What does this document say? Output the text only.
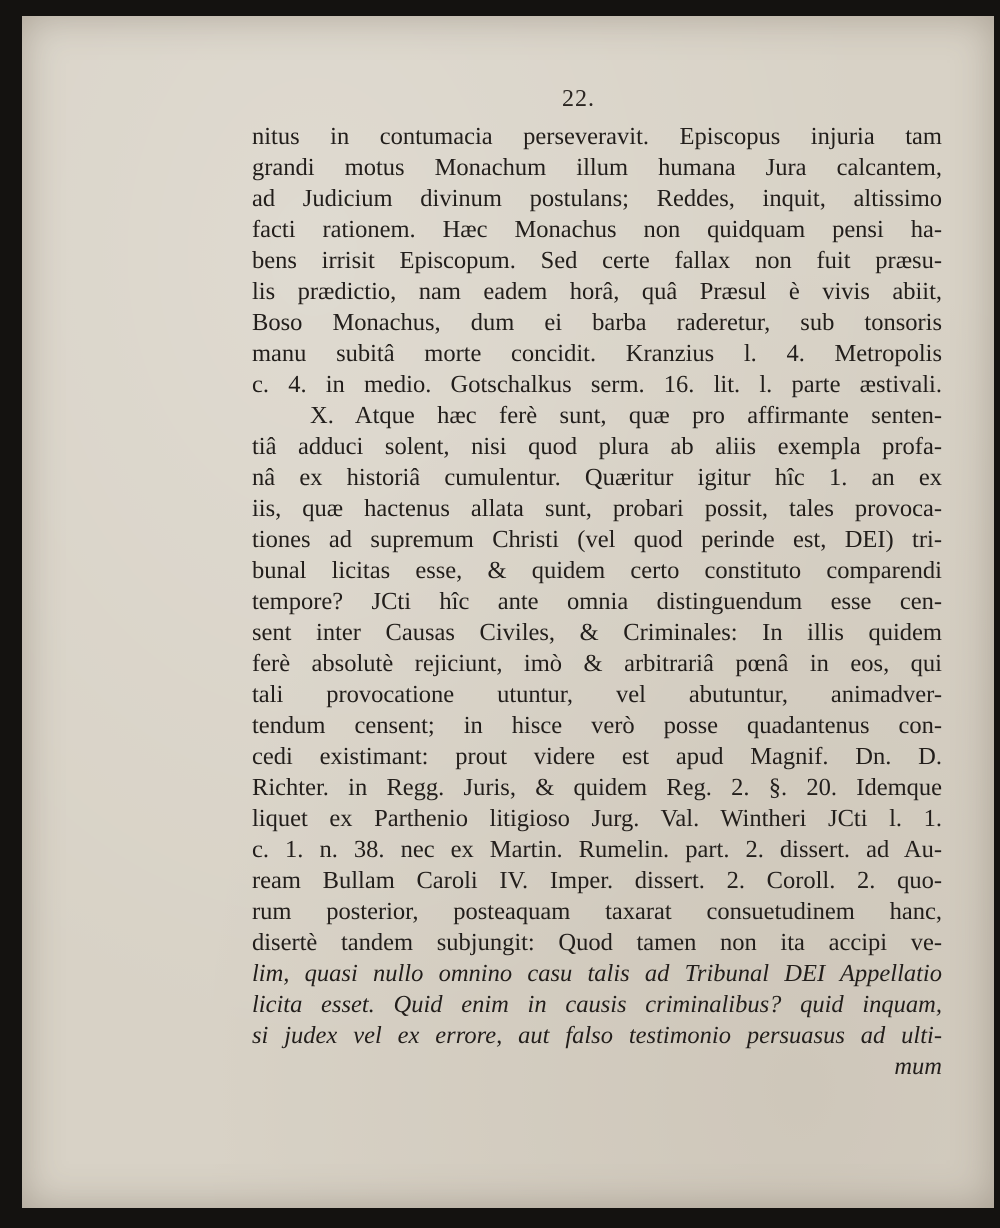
22.
nitus in contumacia perseveravit. Episcopus injuria tam
grandi motus Monachum illum humana Jura calcantem,
ad Judicium divinum postulans; Reddes, inquit, altissimo
facti rationem. Hæc Monachus non quidquam pensi ha-
bens irrisit Episcopum. Sed certe fallax non fuit præsu-
lis prædictio, nam eadem horâ, quâ Præsul è vivis abiit,
Boso Monachus, dum ei barba raderetur, sub tonsoris
manu subitâ morte concidit. Kranzius l. 4. Metropolis
c. 4. in medio. Gotschalkus serm. 16. lit. l. parte æstivali.
X. Atque hæc ferè sunt, quæ pro affirmante senten-
tiâ adduci solent, nisi quod plura ab aliis exempla profa-
nâ ex historiâ cumulentur. Quæritur igitur hîc 1. an ex
iis, quæ hactenus allata sunt, probari possit, tales provoca-
tiones ad supremum Christi (vel quod perinde est, DEI) tri-
bunal licitas esse, & quidem certo constituto comparendi
tempore? JCti hîc ante omnia distinguendum esse cen-
sent inter Causas Civiles, & Criminales: In illis quidem
ferè absolutè rejiciunt, imò & arbitrariâ pœnâ in eos, qui
tali provocatione utuntur, vel abutuntur, animadver-
tendum censent; in hisce verò posse quadantenus con-
cedi existimant: prout videre est apud Magnif. Dn. D.
Richter. in Regg. Juris, & quidem Reg. 2. §. 20. Idemque
liquet ex Parthenio litigioso Jurg. Val. Wintheri JCti l. 1.
c. 1. n. 38. nec ex Martin. Rumelin. part. 2. dissert. ad Au-
ream Bullam Caroli IV. Imper. dissert. 2. Coroll. 2. quo-
rum posterior, posteaquam taxarat consuetudinem hanc,
disertè tandem subjungit: Quod tamen non ita accipi ve-
lim, quasi nullo omnino casu talis ad Tribunal DEI Appellatio
licita esset. Quid enim in causis criminalibus? quid inquam,
si judex vel ex errore, aut falso testimonio persuasus ad ulti-
mum
